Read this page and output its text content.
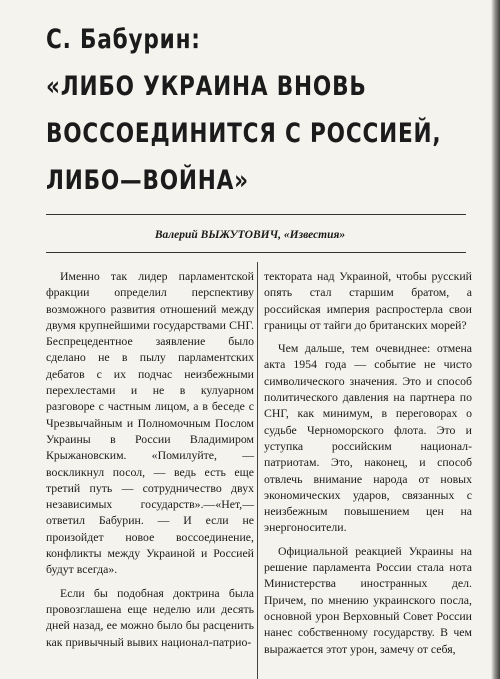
С. Бабурин:
«ЛИБО УКРАИНА ВНОВЬ
ВОССОЕДИНИТСЯ С РОССИЕЙ,
ЛИБО—ВОЙНА»
Валерий ВЫЖУТОВИЧ, «Известия»

Именно так лидер парламентской фракции определил перспективу возможного развития отношений между двумя крупнейшими государствами СНГ. Беспрецедентное заявление было сделано не в пылу парламентских дебатов с их подчас неизбежными перехлестами и не в кулуарном разговоре с частным лицом, а в беседе с Чрезвычайным и Полномочным Послом Украины в России Владимиром Крыжановским. «Помилуйте, — воскликнул посол, — ведь есть еще третий путь — сотрудничество двух независимых государств».—«Нет,—ответил Бабурин. — И если не произойдет новое воссоединение, конфликты между Украиной и Россией будут всегда».

Если бы подобная доктрина была провозглашена еще неделю или десять дней назад, ее можно было бы расценить как привычный вывих национал-патрио-

тектората над Украиной, чтобы русский опять стал старшим братом, а российская империя распростерла свои границы от тайги до британских морей?

Чем дальше, тем очевиднее: отмена акта 1954 года — событие не чисто символического значения. Это и способ политического давления на партнера по СНГ, как минимум, в переговорах о судьбе Черноморского флота. Это и уступка российским национал-патриотам. Это, наконец, и способ отвлечь внимание народа от новых экономических ударов, связанных с неизбежным повышением цен на энергоносители.

Официальной реакцией Украины на решение парламента России стала нота Министерства иностранных дел. Причем, по мнению украинского посла, основной урон Верховный Совет России нанес собственному государству. В чем выражается этот урон, замечу от себя,
